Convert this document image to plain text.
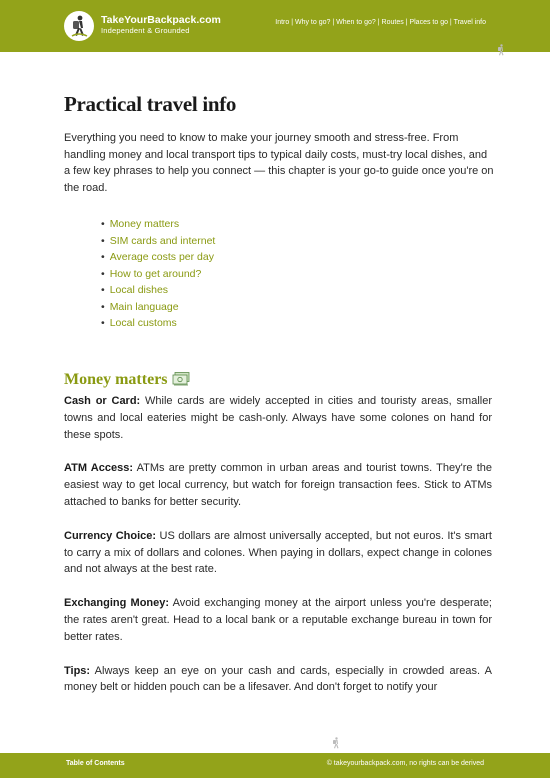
TakeYourBackpack.com
Independent & Grounded
Intro | Why to go? | When to go? | Routes | Places to go | Travel info
Practical travel info

Everything you need to know to make your journey smooth and stress-free. From handling money and local transport tips to typical daily costs, must-try local dishes, and a few key phrases to help you connect — this chapter is your go-to guide once you're on the road.

• Money matters
• SIM cards and internet
• Average costs per day
• How to get around?
• Local dishes
• Main language
• Local customs
Money matters

Cash or Card: While cards are widely accepted in cities and touristy areas, smaller towns and local eateries might be cash-only. Always have some colones on hand for these spots.

ATM Access: ATMs are pretty common in urban areas and tourist towns. They're the easiest way to get local currency, but watch for foreign transaction fees. Stick to ATMs attached to banks for better security.

Currency Choice: US dollars are almost universally accepted, but not euros. It's smart to carry a mix of dollars and colones. When paying in dollars, expect change in colones and not always at the best rate.

Exchanging Money: Avoid exchanging money at the airport unless you're desperate; the rates aren't great. Head to a local bank or a reputable exchange bureau in town for better rates.

Tips: Always keep an eye on your cash and cards, especially in crowded areas. A money belt or hidden pouch can be a lifesaver. And don't forget to notify your

Table of Contents	© takeyourbackpack.com, no rights can be derived
